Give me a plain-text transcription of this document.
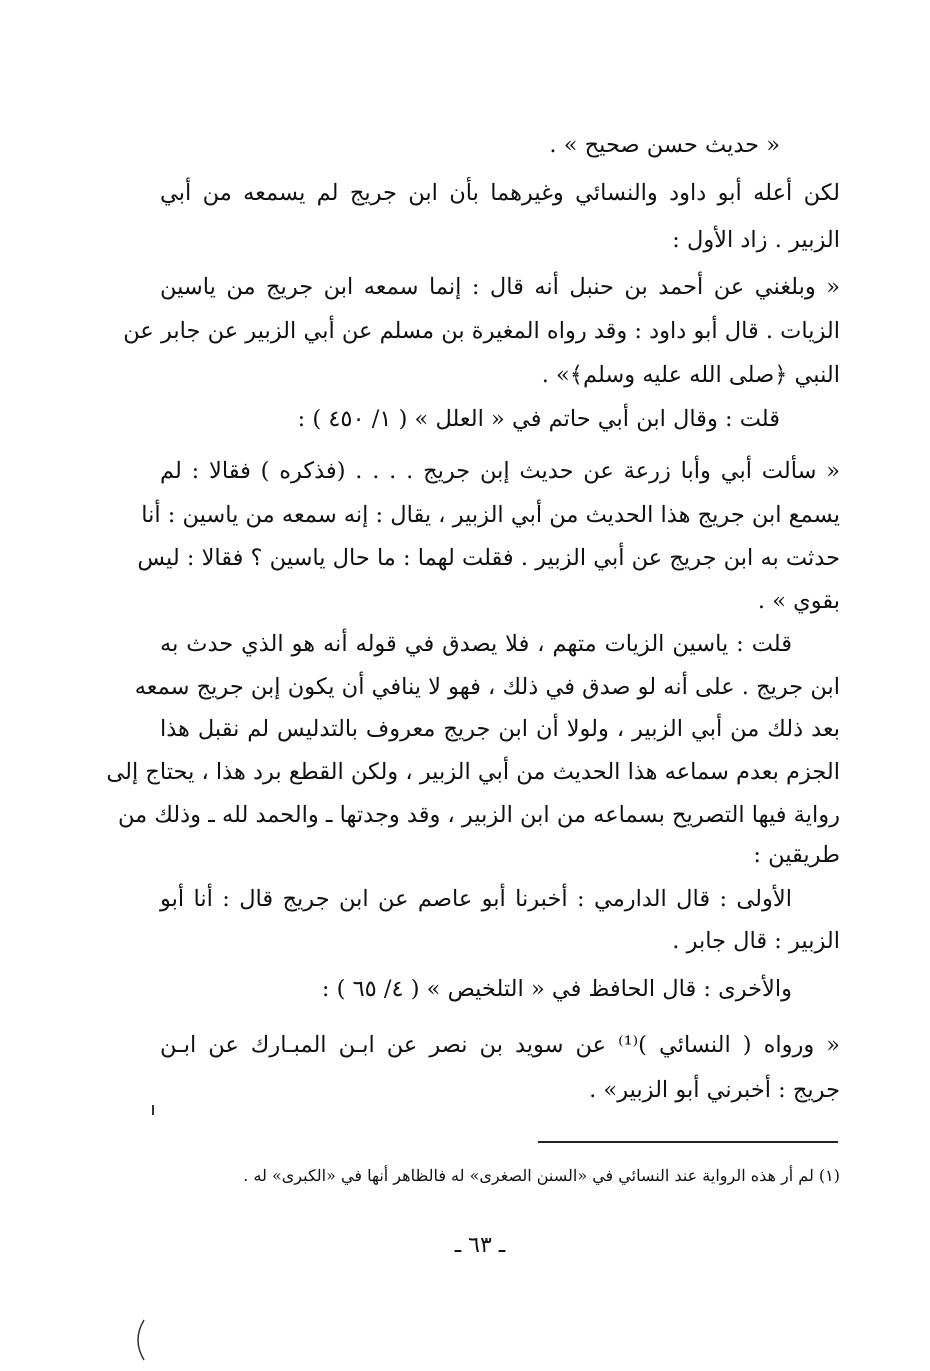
« حديث حسن صحيح » .
لكن أعله أبو داود والنسائي وغيرهما بأن ابن جريج لم يسمعه من أبي
الزبير . زاد الأول :
« وبلغني عن أحمد بن حنبل أنه قال : إنما سمعه ابن جريج من ياسين
الزيات . قال أبو داود : وقد رواه المغيرة بن مسلم عن أبي الزبير عن جابر عن
النبي ﴿صلى الله عليه وسلم﴾» .
قلت : وقال ابن أبي حاتم في « العلل » ( ١/ ٤٥٠ ) :
« سألت أبي وأبا زرعة عن حديث إبن جريج . . . . (فذكره ) فقالا : لم
يسمع ابن جريج هذا الحديث من أبي الزبير ، يقال : إنه سمعه من ياسين : أنا
حدثت به ابن جريج عن أبي الزبير . فقلت لهما : ما حال ياسين ؟ فقالا : ليس
بقوي » .
قلت : ياسين الزيات متهم ، فلا يصدق في قوله أنه هو الذي حدث به
ابن جريج . على أنه لو صدق في ذلك ، فهو لا ينافي أن يكون إبن جريج سمعه
بعد ذلك من أبي الزبير ، ولولا أن ابن جريج معروف بالتدليس لم نقبل هذا
الجزم بعدم سماعه هذا الحديث من أبي الزبير ، ولكن القطع برد هذا ، يحتاج إلى
رواية فيها التصريح بسماعه من ابن الزبير ، وقد وجدتها ـ والحمد لله ـ وذلك من
طريقين :
الأولى : قال الدارمي : أخبرنا أبو عاصم عن ابن جريج قال : أنا أبو
الزبير : قال جابر .
والأخرى : قال الحافظ في « التلخيص » ( ٤/ ٦٥ ) :
« ورواه ( النسائي )⁽¹⁾ عن سويد بن نصر عن ابـن المبـارك عن ابـن
جريج : أخبرني أبو الزبير» .
(١) لم أر هذه الرواية عند النسائي في «السنن الصغرى» له فالظاهر أنها في «الكبرى» له .
ـ ٦٣ ـ
